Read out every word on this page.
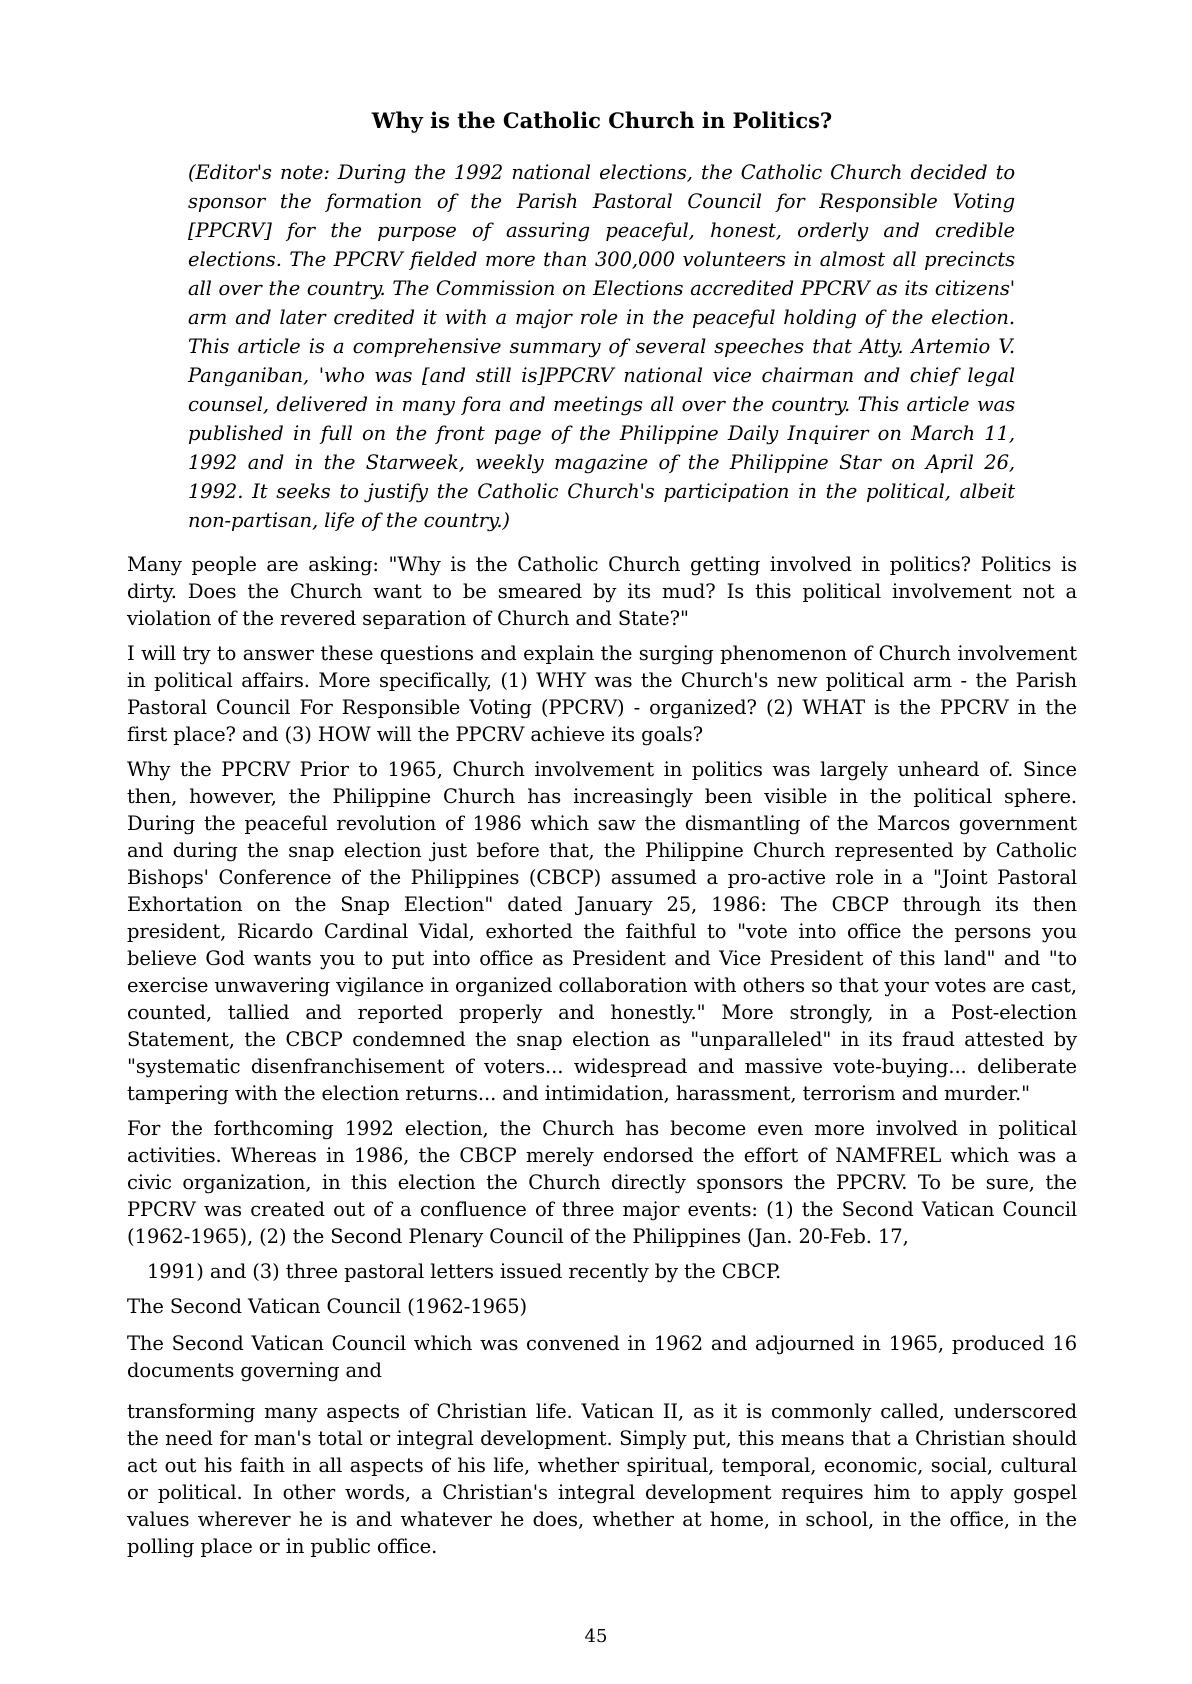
Why is the Catholic Church in Politics?

(Editor's note: During the 1992 national elections, the Catholic Church decided to sponsor the formation of the Parish Pastoral Council for Responsible Voting [PPCRV] for the purpose of assuring peaceful, honest, orderly and credible elections. The PPCRV fielded more than 300,000 volunteers in almost all precincts all over the country. The Commission on Elections accredited PPCRV as its citizens' arm and later credited it with a major role in the peaceful holding of the election. This article is a comprehensive summary of several speeches that Atty. Artemio V. Panganiban, 'who was [and still is]PPCRV national vice chairman and chief legal counsel, delivered in many fora and meetings all over the country. This article was published in full on the front page of the Philippine Daily Inquirer on March 11, 1992 and in the Starweek, weekly magazine of the Philippine Star on April 26, 1992. It seeks to justify the Catholic Church's participation in the political, albeit non-partisan, life of the country.)

Many people are asking: "Why is the Catholic Church getting involved in politics? Politics is dirty. Does the Church want to be smeared by its mud? Is this political involvement not a violation of the revered separation of Church and State?"

I will try to answer these questions and explain the surging phenomenon of Church involvement in political affairs. More specifically, (1) WHY was the Church's new political arm - the Parish Pastoral Council For Responsible Voting (PPCRV) - organized? (2) WHAT is the PPCRV in the first place? and (3) HOW will the PPCRV achieve its goals?

Why the PPCRV Prior to 1965, Church involvement in politics was largely unheard of. Since then, however, the Philippine Church has increasingly been visible in the political sphere. During the peaceful revolution of 1986 which saw the dismantling of the Marcos government and during the snap election just before that, the Philippine Church represented by Catholic Bishops' Conference of the Philippines (CBCP) assumed a pro-active role in a "Joint Pastoral Exhortation on the Snap Election" dated January 25, 1986: The CBCP through its then president, Ricardo Cardinal Vidal, exhorted the faithful to "vote into office the persons you believe God wants you to put into office as President and Vice President of this land" and "to exercise unwavering vigilance in organized collaboration with others so that your votes are cast, counted, tallied and reported properly and honestly." More strongly, in a Post-election Statement, the CBCP condemned the snap election as "unparalleled" in its fraud attested by "systematic disenfranchisement of voters... widespread and massive vote-buying... deliberate tampering with the election returns... and intimidation, harassment, terrorism and murder."

For the forthcoming 1992 election, the Church has become even more involved in political activities. Whereas in 1986, the CBCP merely endorsed the effort of NAMFREL which was a civic organization, in this election the Church directly sponsors the PPCRV. To be sure, the PPCRV was created out of a confluence of three major events: (1) the Second Vatican Council (1962-1965), (2) the Second Plenary Council of the Philippines (Jan. 20-Feb. 17,

1991) and (3) three pastoral letters issued recently by the CBCP.

The Second Vatican Council (1962-1965)

The Second Vatican Council which was convened in 1962 and adjourned in 1965, produced 16 documents governing and

transforming many aspects of Christian life. Vatican II, as it is commonly called, underscored the need for man's total or integral development. Simply put, this means that a Christian should act out his faith in all aspects of his life, whether spiritual, temporal, economic, social, cultural or political. In other words, a Christian's integral development requires him to apply gospel values wherever he is and whatever he does, whether at home, in school, in the office, in the polling place or in public office.

45
